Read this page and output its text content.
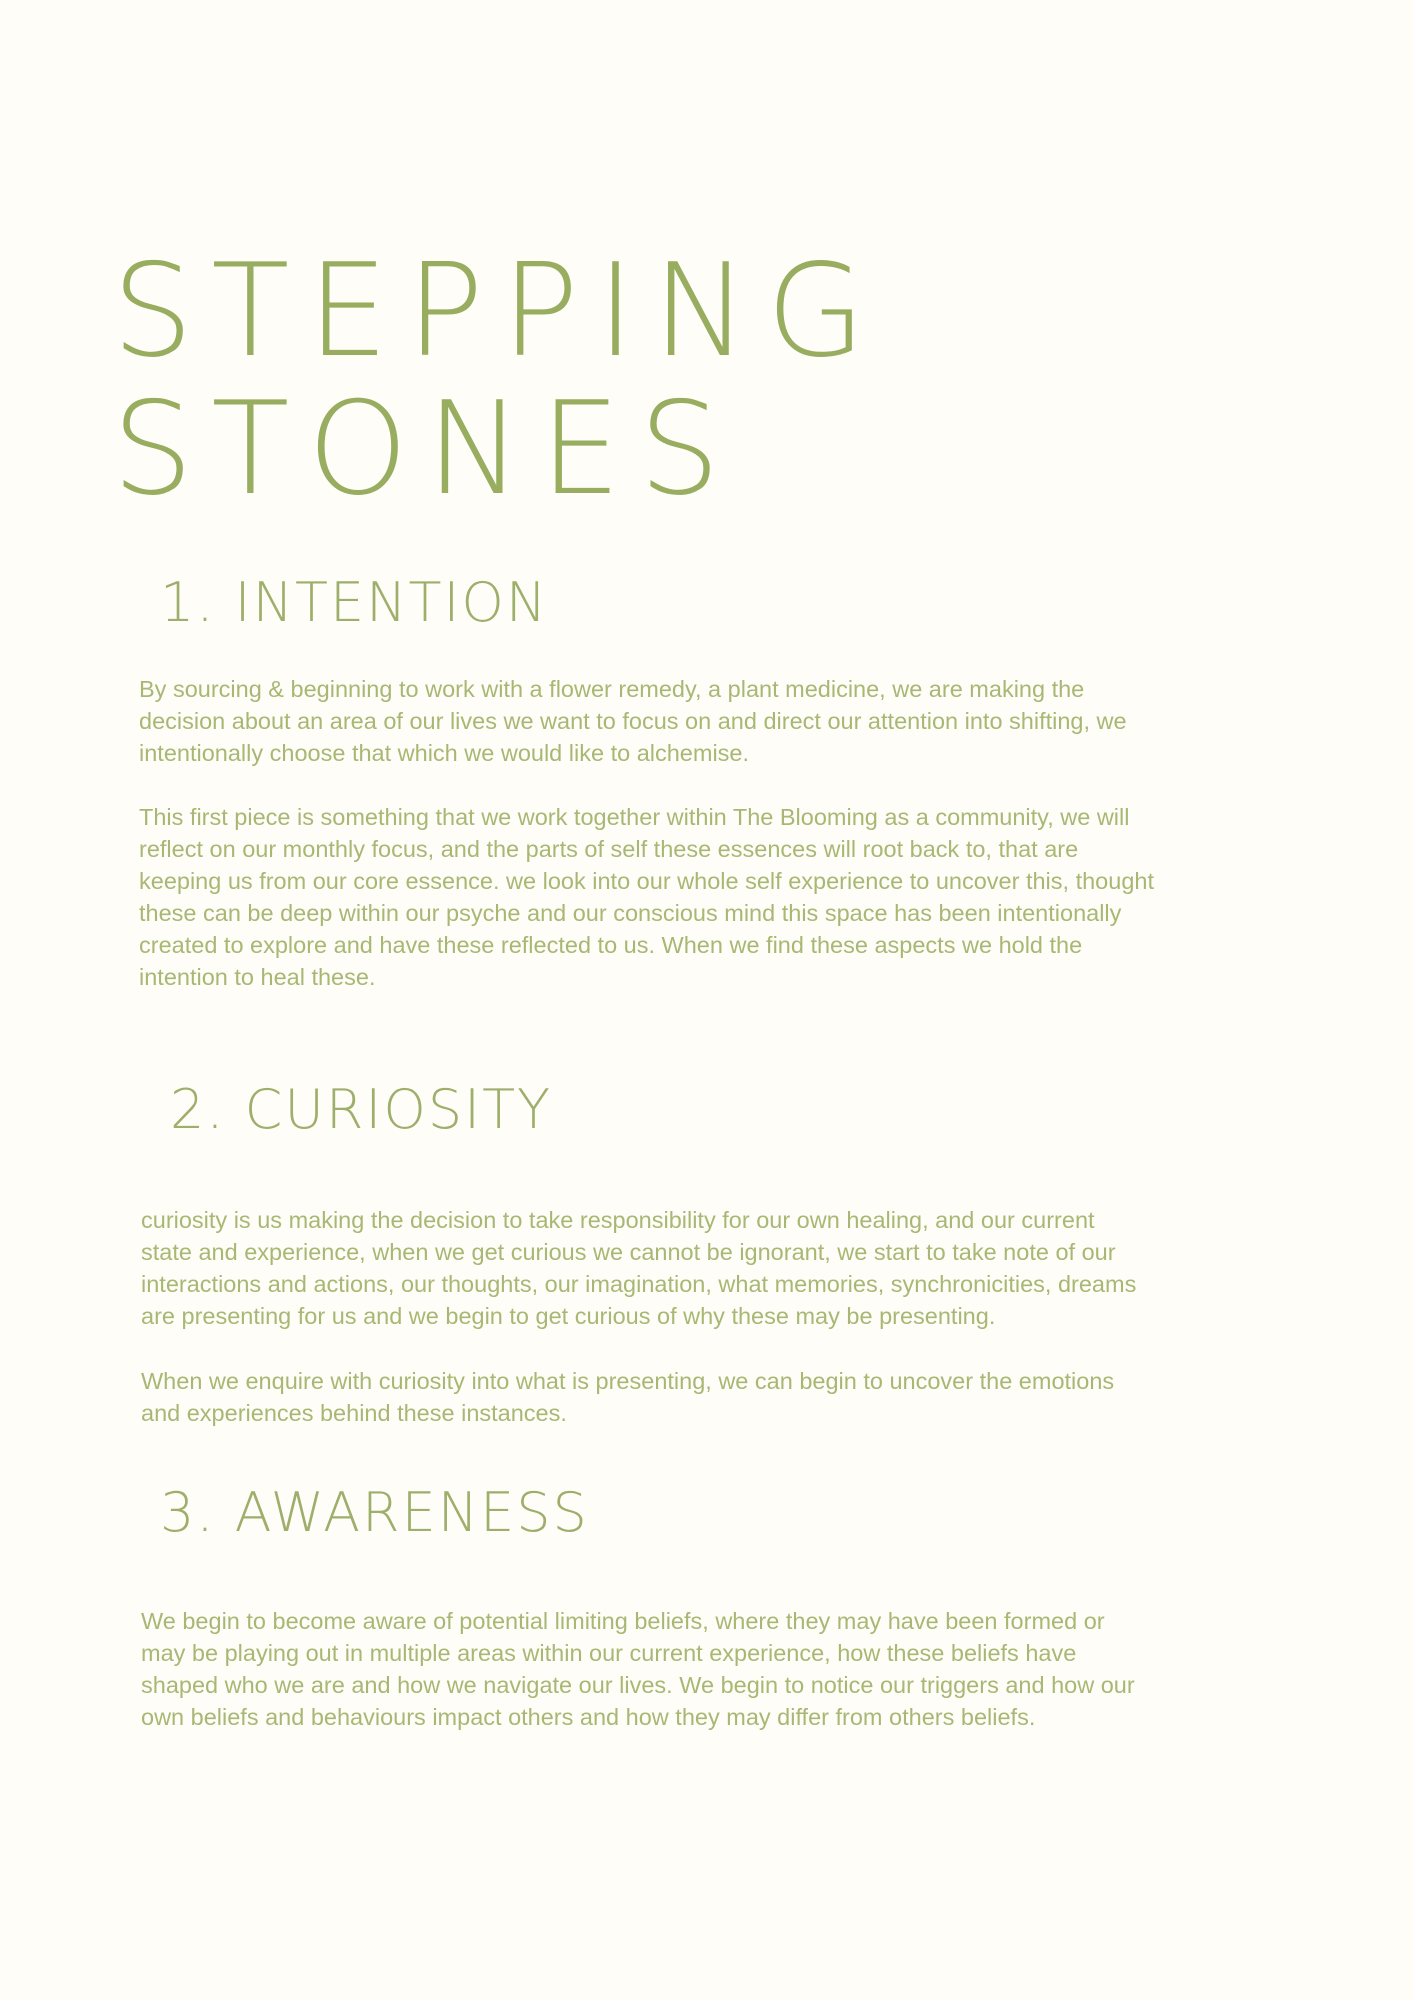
STEPPING
STONES
1. INTENTION

By sourcing & beginning to work with a flower remedy, a plant medicine, we are making the
decision about an area of our lives we want to focus on and direct our attention into shifting, we
intentionally choose that which we would like to alchemise.

This first piece is something that we work together within The Blooming as a community, we will
reflect on our monthly focus, and the parts of self these essences will root back to, that are
keeping us from our core essence. we look into our whole self experience to uncover this, thought
these can be deep within our psyche and our conscious mind this space has been intentionally
created to explore and have these reflected to us. When we find these aspects we hold the
intention to heal these.

2. CURIOSITY

curiosity is us making the decision to take responsibility for our own healing, and our current
state and experience, when we get curious we cannot be ignorant, we start to take note of our
interactions and actions, our thoughts, our imagination, what memories, synchronicities, dreams
are presenting for us and we begin to get curious of why these may be presenting.

When we enquire with curiosity into what is presenting, we can begin to uncover the emotions
and experiences behind these instances.

3. AWARENESS

We begin to become aware of potential limiting beliefs, where they may have been formed or
may be playing out in multiple areas within our current experience, how these beliefs have
shaped who we are and how we navigate our lives. We begin to notice our triggers and how our
own beliefs and behaviours impact others and how they may differ from others beliefs.
